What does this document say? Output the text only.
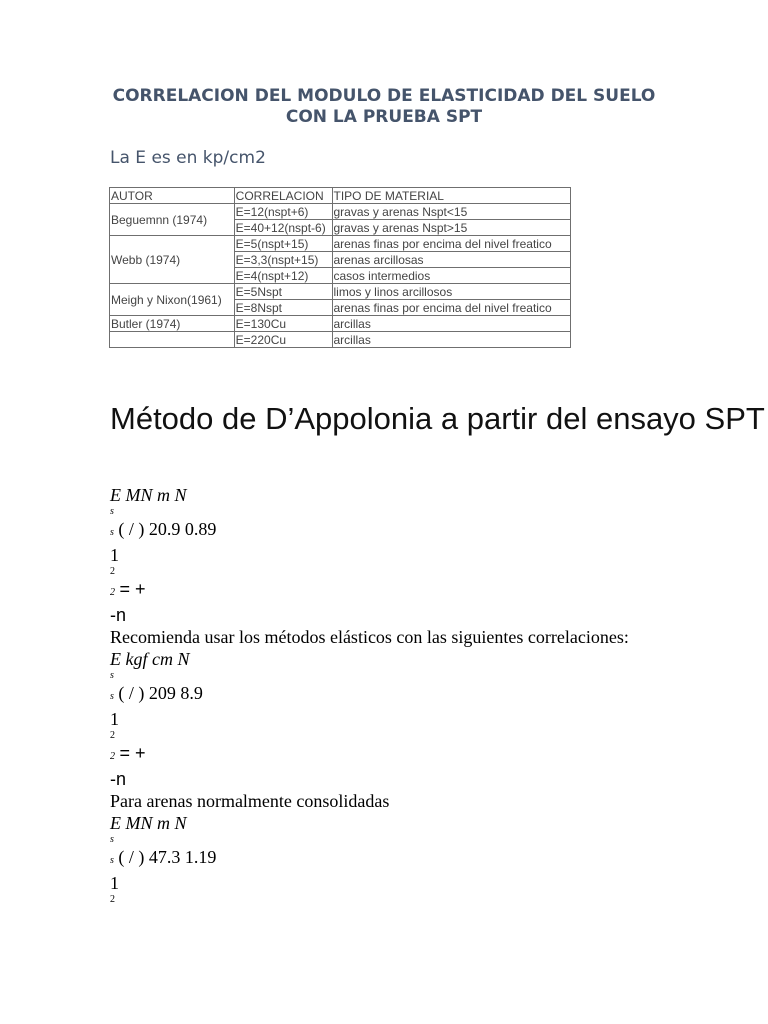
CORRELACION DEL MODULO DE ELASTICIDAD DEL SUELO
CON LA PRUEBA SPT
La E es en kp/cm2
AUTOR	CORRELACION	TIPO DE MATERIAL
Beguemnn (1974)	E=12(nspt+6)	gravas y arenas Nspt<15
	E=40+12(nspt-6)	gravas y arenas Nspt>15
Webb (1974)	E=5(nspt+15)	arenas finas por encima del nivel freatico
	E=3,3(nspt+15)	arenas arcillosas
	E=4(nspt+12)	casos intermedios
Meigh y Nixon(1961)	E=5Nspt	limos y linos arcillosos
	E=8Nspt	arenas finas por encima del nivel freatico
Butler (1974)	E=130Cu	arcillas
	E=220Cu	arcillas
Método de D’Appolonia a partir del ensayo SPT
E MN m N
s
s ( / ) 20.9 0.89
1
2
2 = +
-n
Recomienda usar los métodos elásticos con las siguientes correlaciones:
E kgf cm N
s
s ( / ) 209 8.9
1
2
2 = +
-n
Para arenas normalmente consolidadas
E MN m N
s
s ( / ) 47.3 1.19
1
2
